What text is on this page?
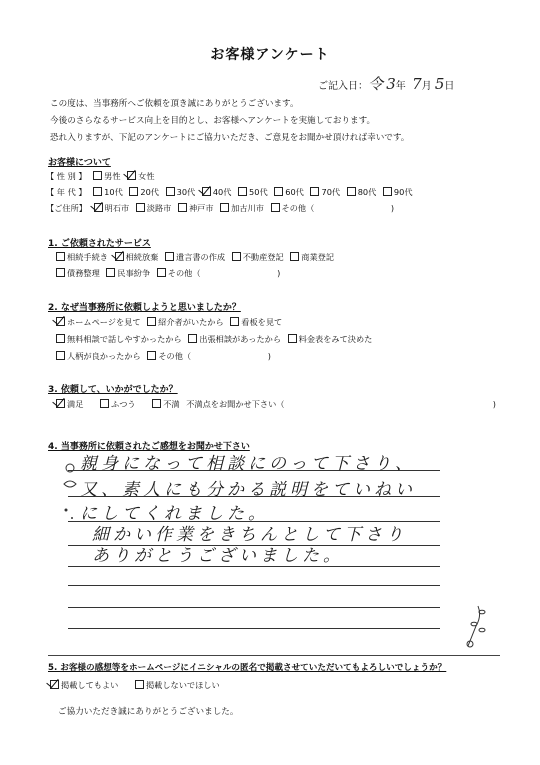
お客様アンケート
ご記入日：令 3年 7月 5日
この度は、当事務所へご依頼を頂き誠にありがとうございます。
今後のさらなるサービス向上を目的とし、お客様へアンケートを実施しております。
恐れ入りますが、下記のアンケートにご協力いただき、ご意見をお聞かせ頂ければ幸いです。
お客様について
【 性 別 】 男性 女性
【 年 代 】 10代 20代 30代 40代 50代 60代 70代 80代 90代
【ご住所】 明石市 淡路市 神戸市 加古川市 その他（	)
1. ご依頼されたサービス
相続手続き 相続放棄 遺言書の作成 不動産登記 商業登記
債務整理 民事紛争 その他（	)
2. なぜ当事務所に依頼しようと思いましたか？
ホームページを見て 紹介者がいたから 看板を見て
無料相談で話しやすかったから 出張相談があったから 料金表をみて決めた
人柄が良かったから その他（	)
3. 依頼して、いかがでしたか？
満足	ふつう	不満 不満点をお聞かせ下さい（	)
4. 当事務所に依頼されたご感想をお聞かせ下さい
親身になって相談にのって下さり、
又、素人にも分かる説明をていねい
にしてくれました。
細かい作業をきちんとして下さり
ありがとうございました。
5. お客様の感想等をホームページにイニシャルの匿名で掲載させていただいてもよろしいでしょうか？
掲載してもよい	掲載しないでほしい
ご協力いただき誠にありがとうございました。
